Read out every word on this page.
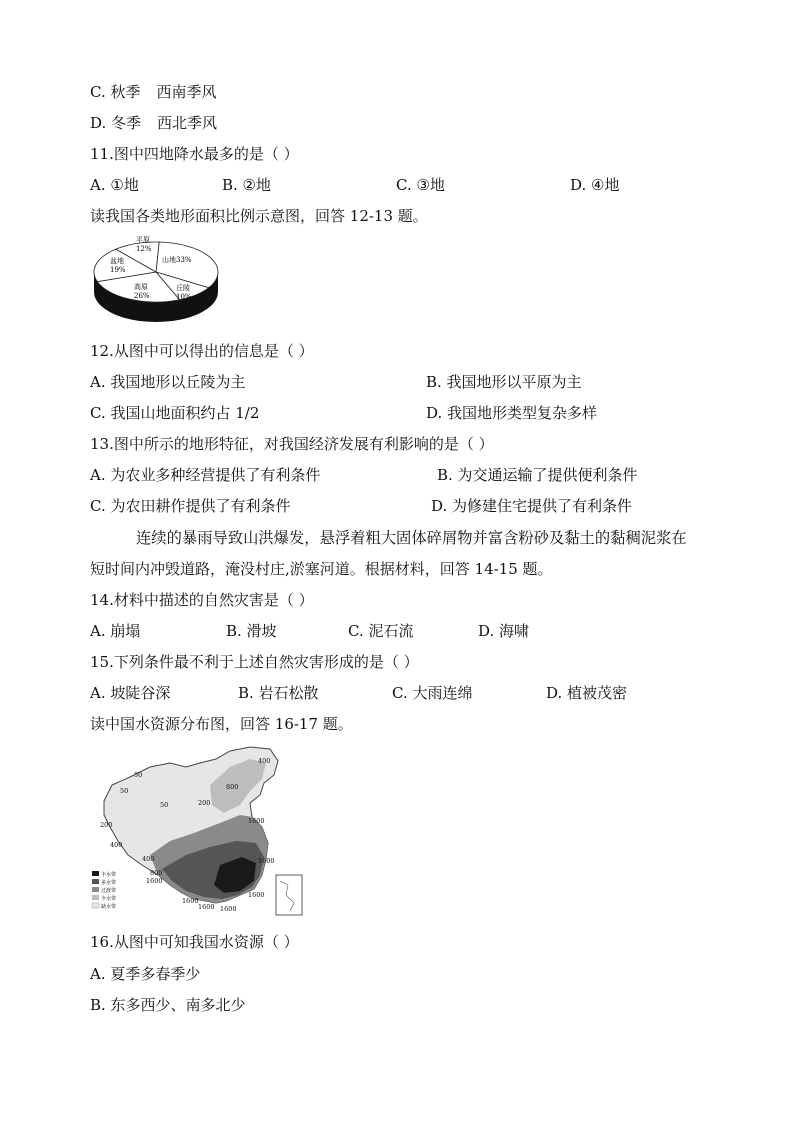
C. 秋季 西南季风
D. 冬季 西北季风
11.图中四地降水最多的是（ ）
A. ①地	B. ②地	C. ③地	D. ④地
读我国各类地形面积比例示意图，回答 12-13 题。
平原
12%
山地33%
盆地
19%
高原
26%
丘陵
10%
12.从图中可以得出的信息是（ ）
A. 我国地形以丘陵为主	B. 我国地形以平原为主
C. 我国山地面积约占 1/2	D. 我国地形类型复杂多样
13.图中所示的地形特征，对我国经济发展有利影响的是（ ）
A. 为农业多种经营提供了有利条件	B. 为交通运输了提供便利条件
C. 为农田耕作提供了有利条件	D. 为修建住宅提供了有利条件
连续的暴雨导致山洪爆发，悬浮着粗大固体碎屑物并富含粉砂及黏土的黏稠泥浆在
短时间内冲毁道路，淹没村庄,淤塞河道。根据材料，回答 14-15 题。
14.材料中描述的自然灾害是（ ）
A. 崩塌	B. 滑坡	C. 泥石流	D. 海啸
15.下列条件最不利于上述自然灾害形成的是（ ）
A. 坡陡谷深	B. 岩石松散	C. 大雨连绵	D. 植被茂密
读中国水资源分布图，回答 16-17 题。
400
800
1600
200
50
50
50
200
400
400
800
1600
1600
1600
1600
1600 1600
丰水带
多水带
过渡带
少水带
缺水带
16.从图中可知我国水资源（ ）
A. 夏季多春季少
B. 东多西少、南多北少
